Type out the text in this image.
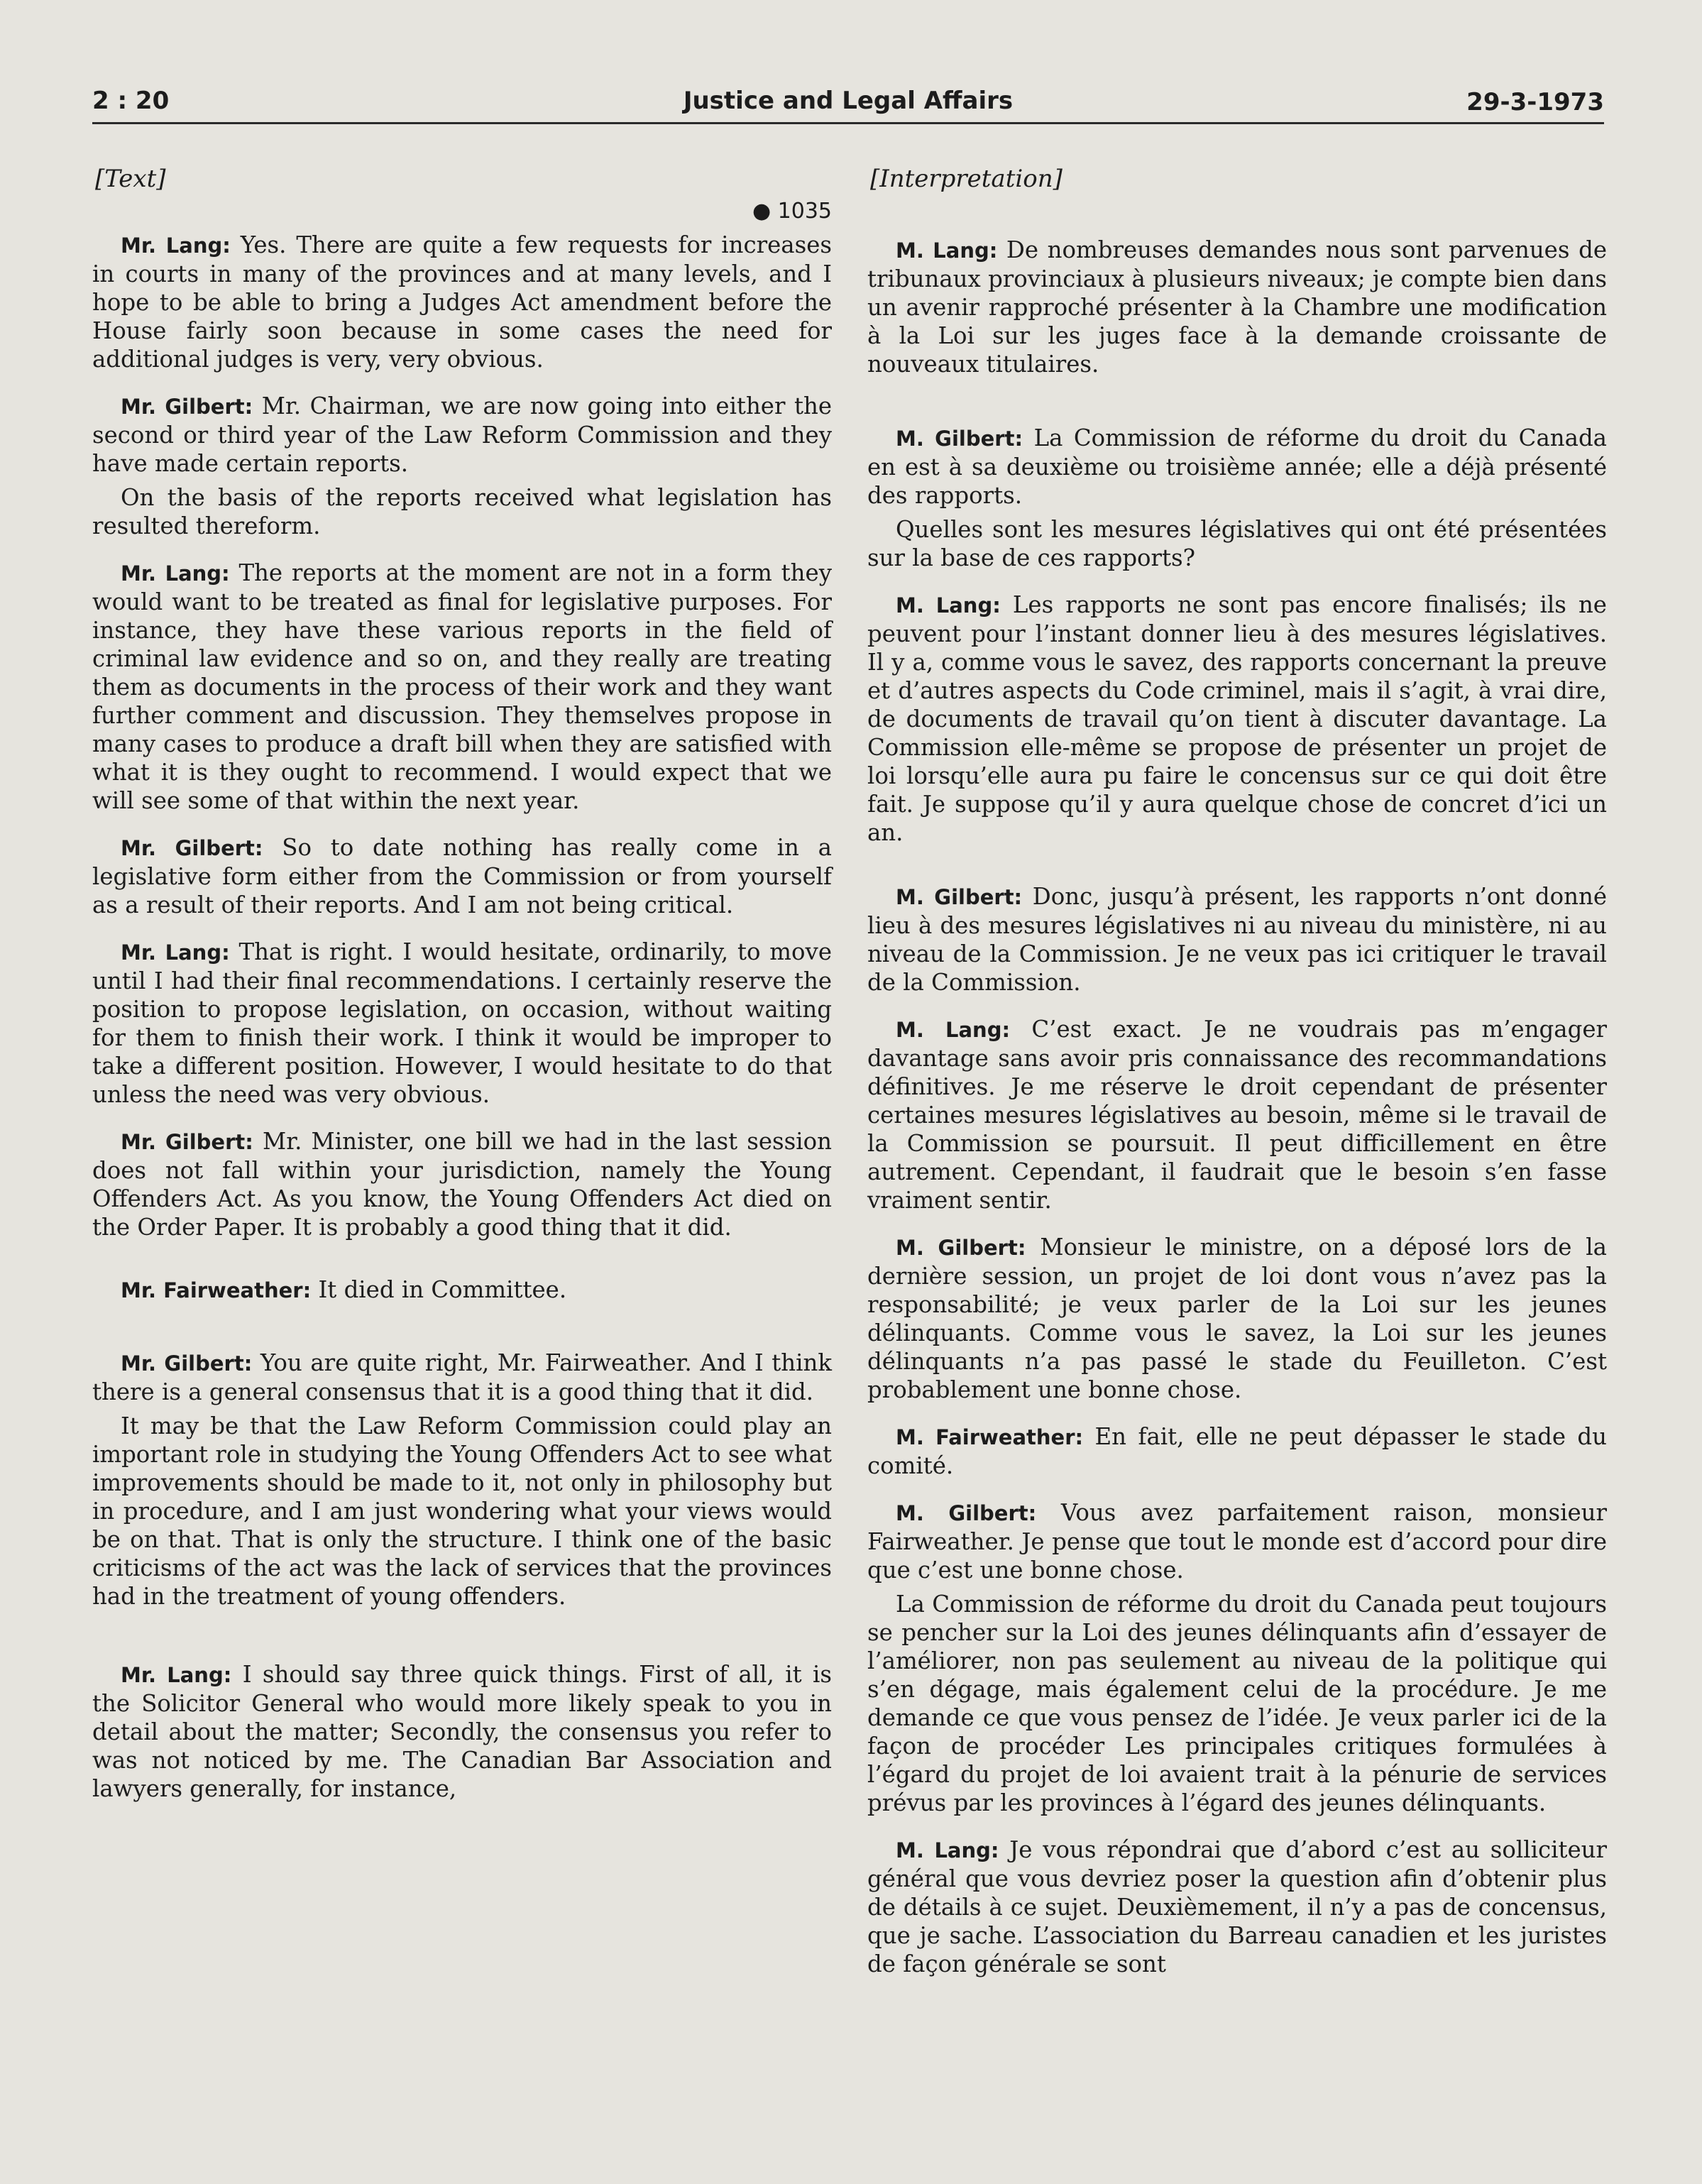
2 : 20	Justice and Legal Affairs	29-3-1973
[Text]
● 1035

Mr. Lang: Yes. There are quite a few requests for increases in courts in many of the provinces and at many levels, and I hope to be able to bring a Judges Act amendment before the House fairly soon because in some cases the need for additional judges is very, very obvious.

Mr. Gilbert: Mr. Chairman, we are now going into either the second or third year of the Law Reform Commission and they have made certain reports.

On the basis of the reports received what legislation has resulted thereform.

Mr. Lang: The reports at the moment are not in a form they would want to be treated as final for legislative purposes. For instance, they have these various reports in the field of criminal law evidence and so on, and they really are treating them as documents in the process of their work and they want further comment and discussion. They themselves propose in many cases to produce a draft bill when they are satisfied with what it is they ought to recommend. I would expect that we will see some of that within the next year.

Mr. Gilbert: So to date nothing has really come in a legislative form either from the Commission or from yourself as a result of their reports. And I am not being critical.

Mr. Lang: That is right. I would hesitate, ordinarily, to move until I had their final recommendations. I certainly reserve the position to propose legislation, on occasion, without waiting for them to finish their work. I think it would be improper to take a different position. However, I would hesitate to do that unless the need was very obvious.

Mr. Gilbert: Mr. Minister, one bill we had in the last session does not fall within your jurisdiction, namely the Young Offenders Act. As you know, the Young Offenders Act died on the Order Paper. It is probably a good thing that it did.

Mr. Fairweather: It died in Committee.

Mr. Gilbert: You are quite right, Mr. Fairweather. And I think there is a general consensus that it is a good thing that it did.

It may be that the Law Reform Commission could play an important role in studying the Young Offenders Act to see what improvements should be made to it, not only in philosophy but in procedure, and I am just wondering what your views would be on that. That is only the structure. I think one of the basic criticisms of the act was the lack of services that the provinces had in the treatment of young offenders.

Mr. Lang: I should say three quick things. First of all, it is the Solicitor General who would more likely speak to you in detail about the matter; Secondly, the consensus you refer to was not noticed by me. The Canadian Bar Association and lawyers generally, for instance,

[Interpretation]

M. Lang: De nombreuses demandes nous sont parvenues de tribunaux provinciaux à plusieurs niveaux; je compte bien dans un avenir rapproché présenter à la Chambre une modification à la Loi sur les juges face à la demande croissante de nouveaux titulaires.

M. Gilbert: La Commission de réforme du droit du Canada en est à sa deuxième ou troisième année; elle a déjà présenté des rapports.

Quelles sont les mesures législatives qui ont été présentées sur la base de ces rapports?

M. Lang: Les rapports ne sont pas encore finalisés; ils ne peuvent pour l’instant donner lieu à des mesures législatives. Il y a, comme vous le savez, des rapports concernant la preuve et d’autres aspects du Code criminel, mais il s’agit, à vrai dire, de documents de travail qu’on tient à discuter davantage. La Commission elle-même se propose de présenter un projet de loi lorsqu’elle aura pu faire le concensus sur ce qui doit être fait. Je suppose qu’il y aura quelque chose de concret d’ici un an.

M. Gilbert: Donc, jusqu’à présent, les rapports n’ont donné lieu à des mesures législatives ni au niveau du ministère, ni au niveau de la Commission. Je ne veux pas ici critiquer le travail de la Commission.

M. Lang: C’est exact. Je ne voudrais pas m’engager davantage sans avoir pris connaissance des recommandations définitives. Je me réserve le droit cependant de présenter certaines mesures législatives au besoin, même si le travail de la Commission se poursuit. Il peut difficillement en être autrement. Cependant, il faudrait que le besoin s’en fasse vraiment sentir.

M. Gilbert: Monsieur le ministre, on a déposé lors de la dernière session, un projet de loi dont vous n’avez pas la responsabilité; je veux parler de la Loi sur les jeunes délinquants. Comme vous le savez, la Loi sur les jeunes délinquants n’a pas passé le stade du Feuilleton. C’est probablement une bonne chose.

M. Fairweather: En fait, elle ne peut dépasser le stade du comité.

M. Gilbert: Vous avez parfaitement raison, monsieur Fairweather. Je pense que tout le monde est d’accord pour dire que c’est une bonne chose.

La Commission de réforme du droit du Canada peut toujours se pencher sur la Loi des jeunes délinquants afin d’essayer de l’améliorer, non pas seulement au niveau de la politique qui s’en dégage, mais également celui de la procédure. Je me demande ce que vous pensez de l’idée. Je veux parler ici de la façon de procéder Les principales critiques formulées à l’égard du projet de loi avaient trait à la pénurie de services prévus par les provinces à l’égard des jeunes délinquants.

M. Lang: Je vous répondrai que d’abord c’est au solliciteur général que vous devriez poser la question afin d’obtenir plus de détails à ce sujet. Deuxièmement, il n’y a pas de concensus, que je sache. L’association du Barreau canadien et les juristes de façon générale se sont
